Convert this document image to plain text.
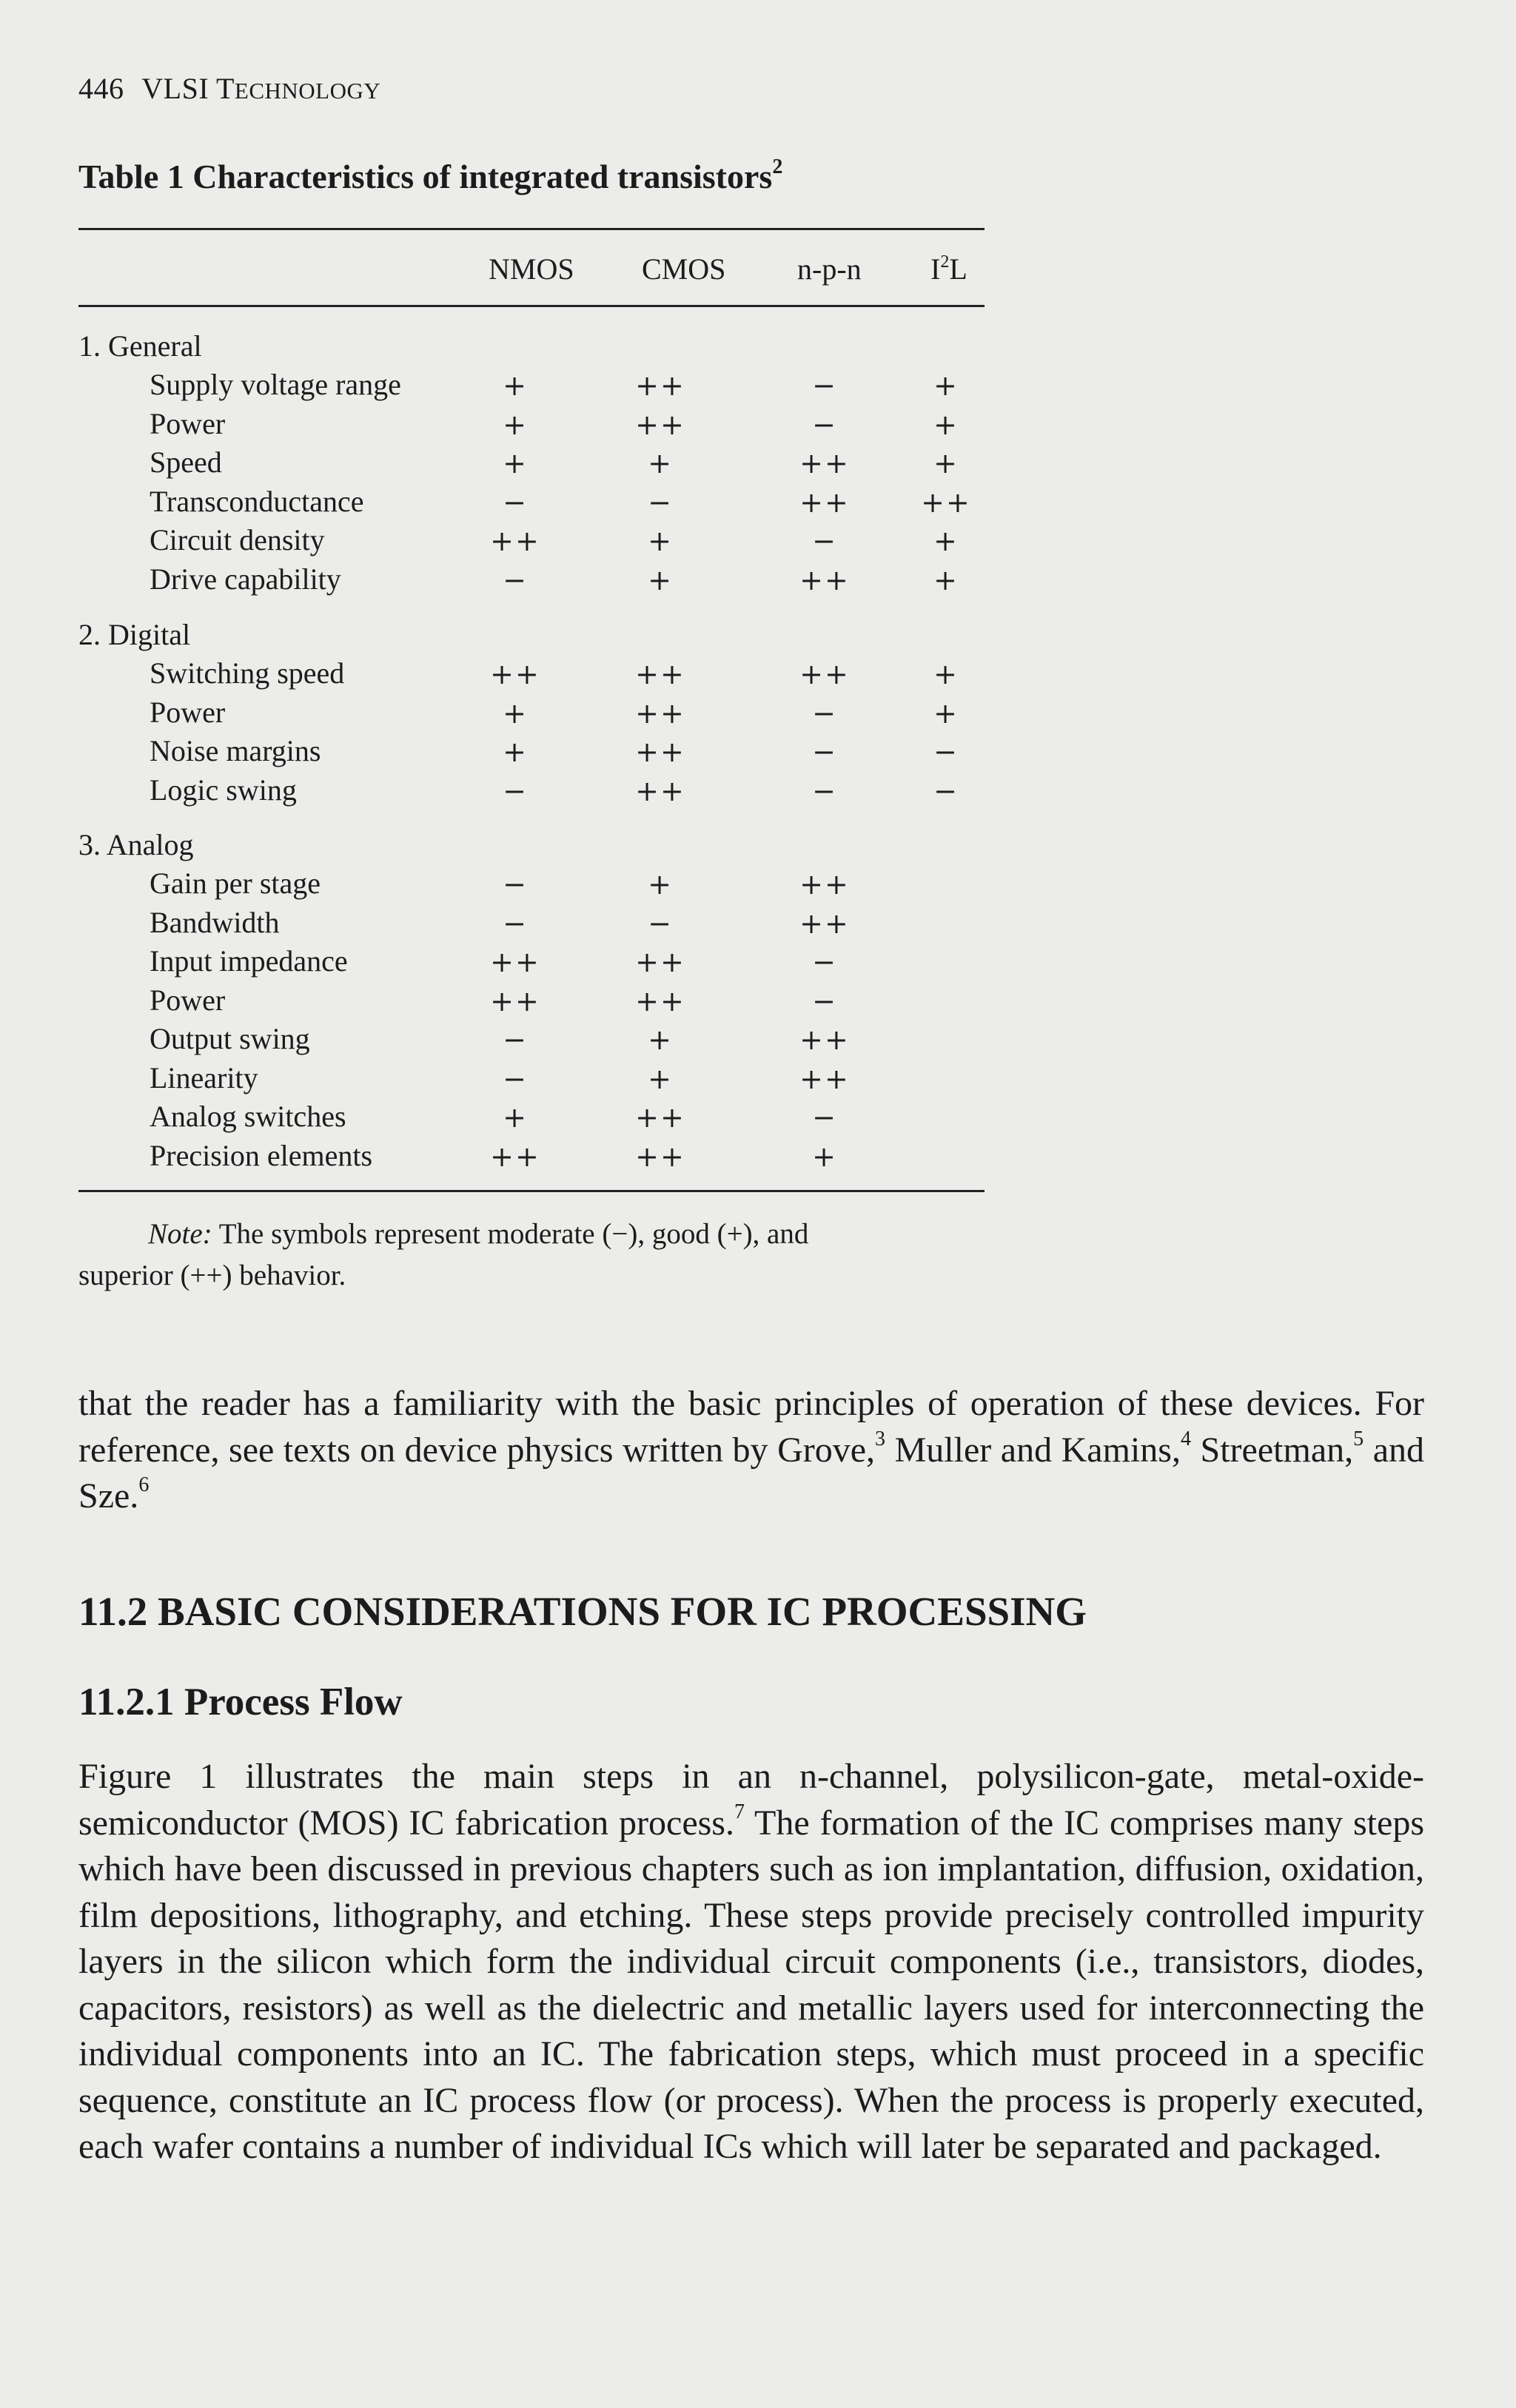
446 VLSI TECHNOLOGY
Table 1 Characteristics of integrated transistors$^2$
NMOS CMOS n-p-n $I^2L$
1. General
Supply voltage range	+	++	−	+
Power	+	++	−	+
Speed	+	+	++	+
Transconductance	−	−	++	++
Circuit density	++	+	−	+
Drive capability	−	+	++	+
2. Digital
Switching speed	++	++	++	+
Power	+	++	−	+
Noise margins	+	++	−	−
Logic swing	−	++	−	−
3. Analog
Gain per stage	−	+	++
Bandwidth	−	−	++
Input impedance	++	++	−
Power	++	++	−
Output swing	−	+	++
Linearity	−	+	++
Analog switches	+	++	−
Precision elements	++	++	+
Note: The symbols represent moderate (−), good (+), and
superior (++) behavior.
that the reader has a familiarity with the basic principles of operation of these devices. For reference, see texts on device physics written by Grove,$^3$ Muller and Kamins,$^4$ Streetman,$^5$ and Sze.$^6$
11.2 BASIC CONSIDERATIONS FOR IC PROCESSING
11.2.1 Process Flow
Figure 1 illustrates the main steps in an n-channel, polysilicon-gate, metal-oxide-semiconductor (MOS) IC fabrication process.$^7$ The formation of the IC comprises many steps which have been discussed in previous chapters such as ion implantation, diffusion, oxidation, film depositions, lithography, and etching. These steps provide precisely controlled impurity layers in the silicon which form the individual circuit components (i.e., transistors, diodes, capacitors, resistors) as well as the dielectric and metallic layers used for interconnecting the individual components into an IC. The fabrication steps, which must proceed in a specific sequence, constitute an IC process flow (or process). When the process is properly executed, each wafer contains a number of individual ICs which will later be separated and packaged.
